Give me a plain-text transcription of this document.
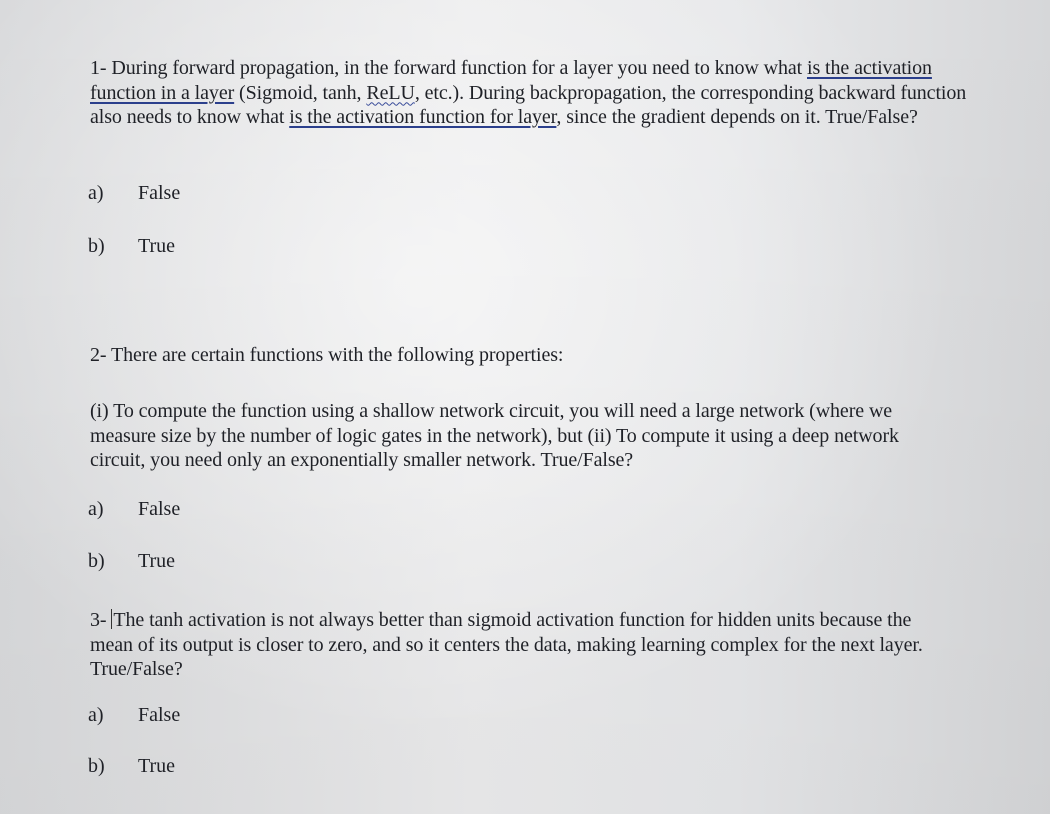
1- During forward propagation, in the forward function for a layer you need to know what is the activation function in a layer (Sigmoid, tanh, ReLU, etc.). During backpropagation, the corresponding backward function also needs to know what is the activation function for layer, since the gradient depends on it. True/False?

a)	False
b)	True

2- There are certain functions with the following properties:

(i) To compute the function using a shallow network circuit, you will need a large network (where we measure size by the number of logic gates in the network), but (ii) To compute it using a deep network circuit, you need only an exponentially smaller network. True/False?

a)	False
b)	True

3- The tanh activation is not always better than sigmoid activation function for hidden units because the mean of its output is closer to zero, and so it centers the data, making learning complex for the next layer. True/False?

a)	False
b)	True
